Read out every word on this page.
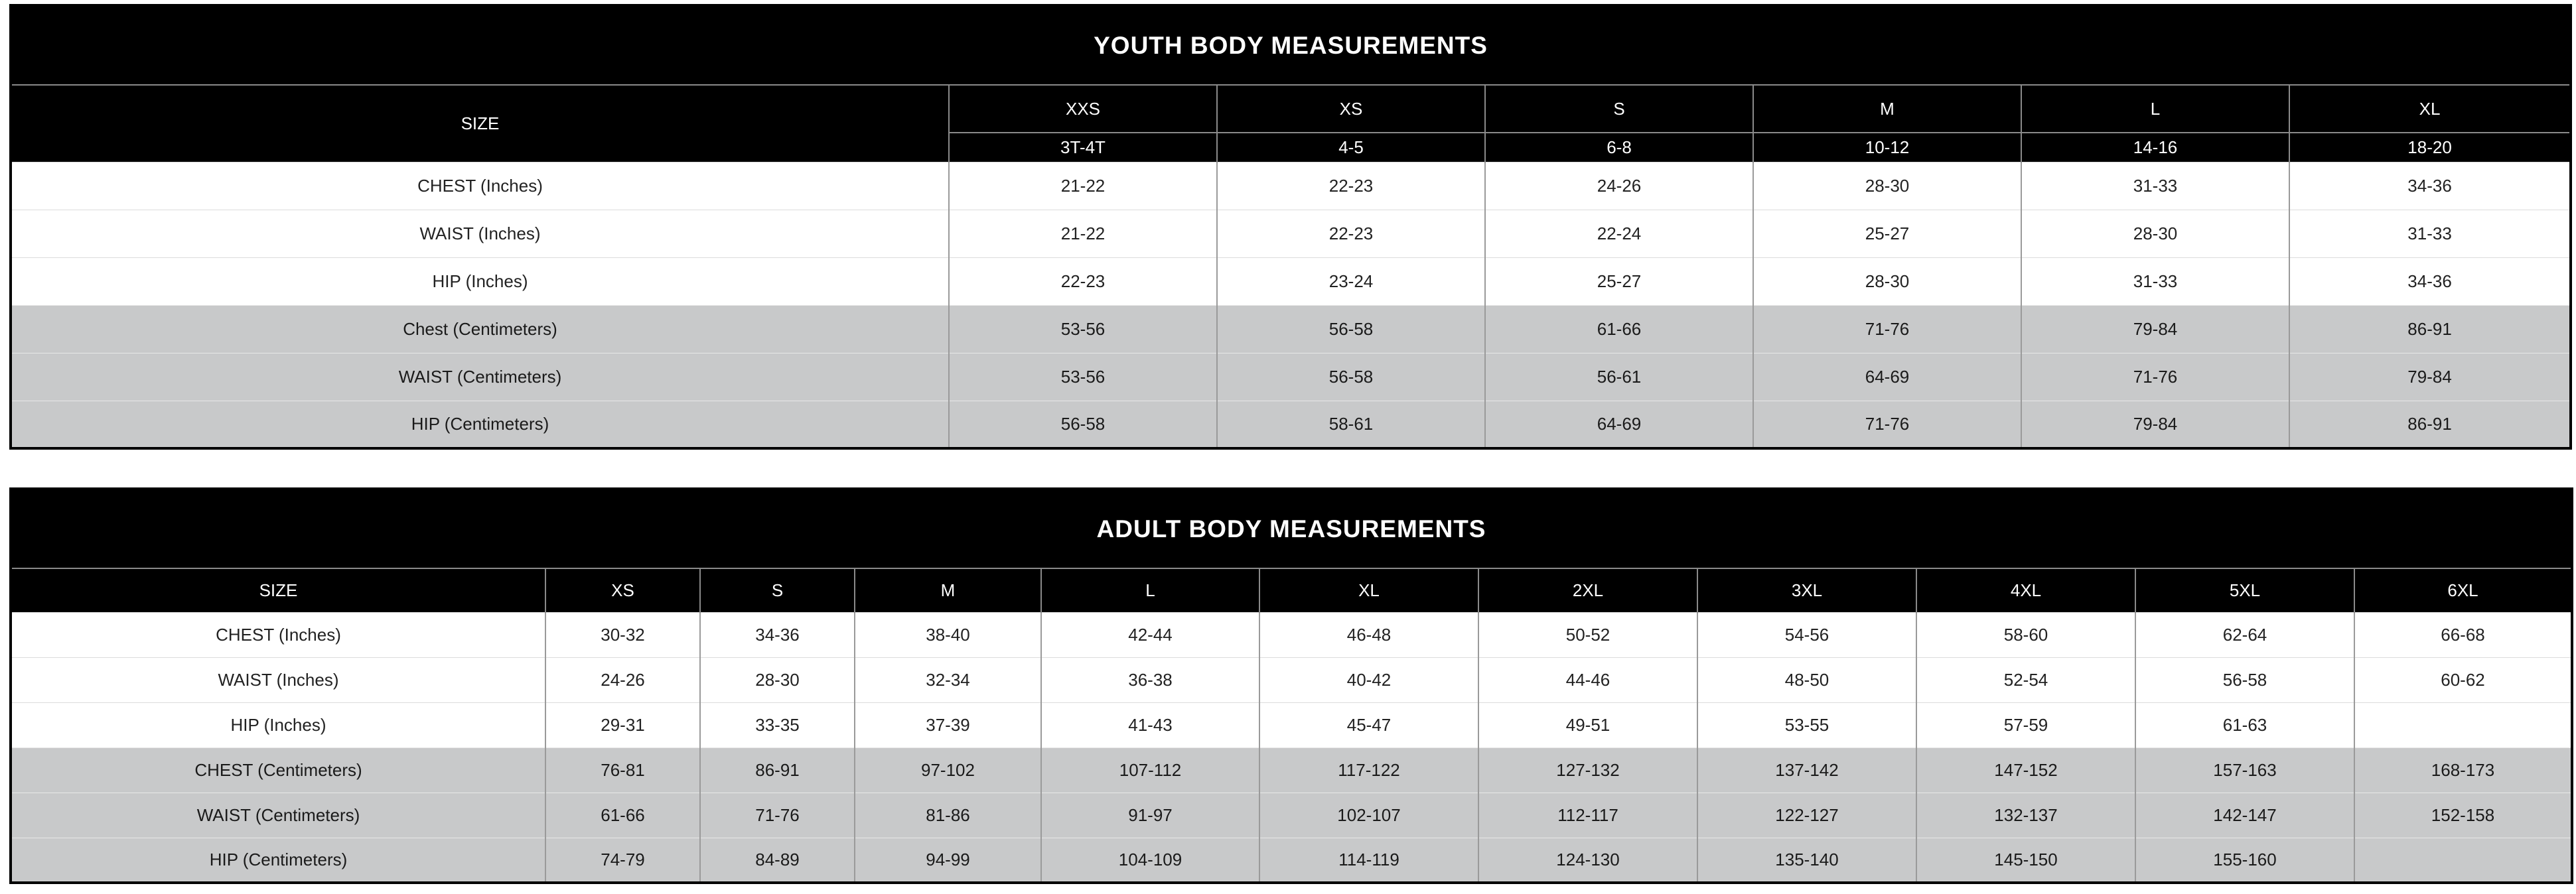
YOUTH BODY MEASUREMENTS						
SIZE	XXS	XS	S	M	L	XL
	3T-4T	4-5	6-8	10-12	14-16	18-20
CHEST (Inches)	21-22	22-23	24-26	28-30	31-33	34-36
WAIST (Inches)	21-22	22-23	22-24	25-27	28-30	31-33
HIP (Inches)	22-23	23-24	25-27	28-30	31-33	34-36
Chest (Centimeters)	53-56	56-58	61-66	71-76	79-84	86-91
WAIST (Centimeters)	53-56	56-58	56-61	64-69	71-76	79-84
HIP (Centimeters)	56-58	58-61	64-69	71-76	79-84	86-91
ADULT BODY MEASUREMENTS										
SIZE	XS	S	M	L	XL	2XL	3XL	4XL	5XL	6XL
CHEST (Inches)	30-32	34-36	38-40	42-44	46-48	50-52	54-56	58-60	62-64	66-68
WAIST (Inches)	24-26	28-30	32-34	36-38	40-42	44-46	48-50	52-54	56-58	60-62
HIP (Inches)	29-31	33-35	37-39	41-43	45-47	49-51	53-55	57-59	61-63	
CHEST (Centimeters)	76-81	86-91	97-102	107-112	117-122	127-132	137-142	147-152	157-163	168-173
WAIST (Centimeters)	61-66	71-76	81-86	91-97	102-107	112-117	122-127	132-137	142-147	152-158
HIP (Centimeters)	74-79	84-89	94-99	104-109	114-119	124-130	135-140	145-150	155-160	
